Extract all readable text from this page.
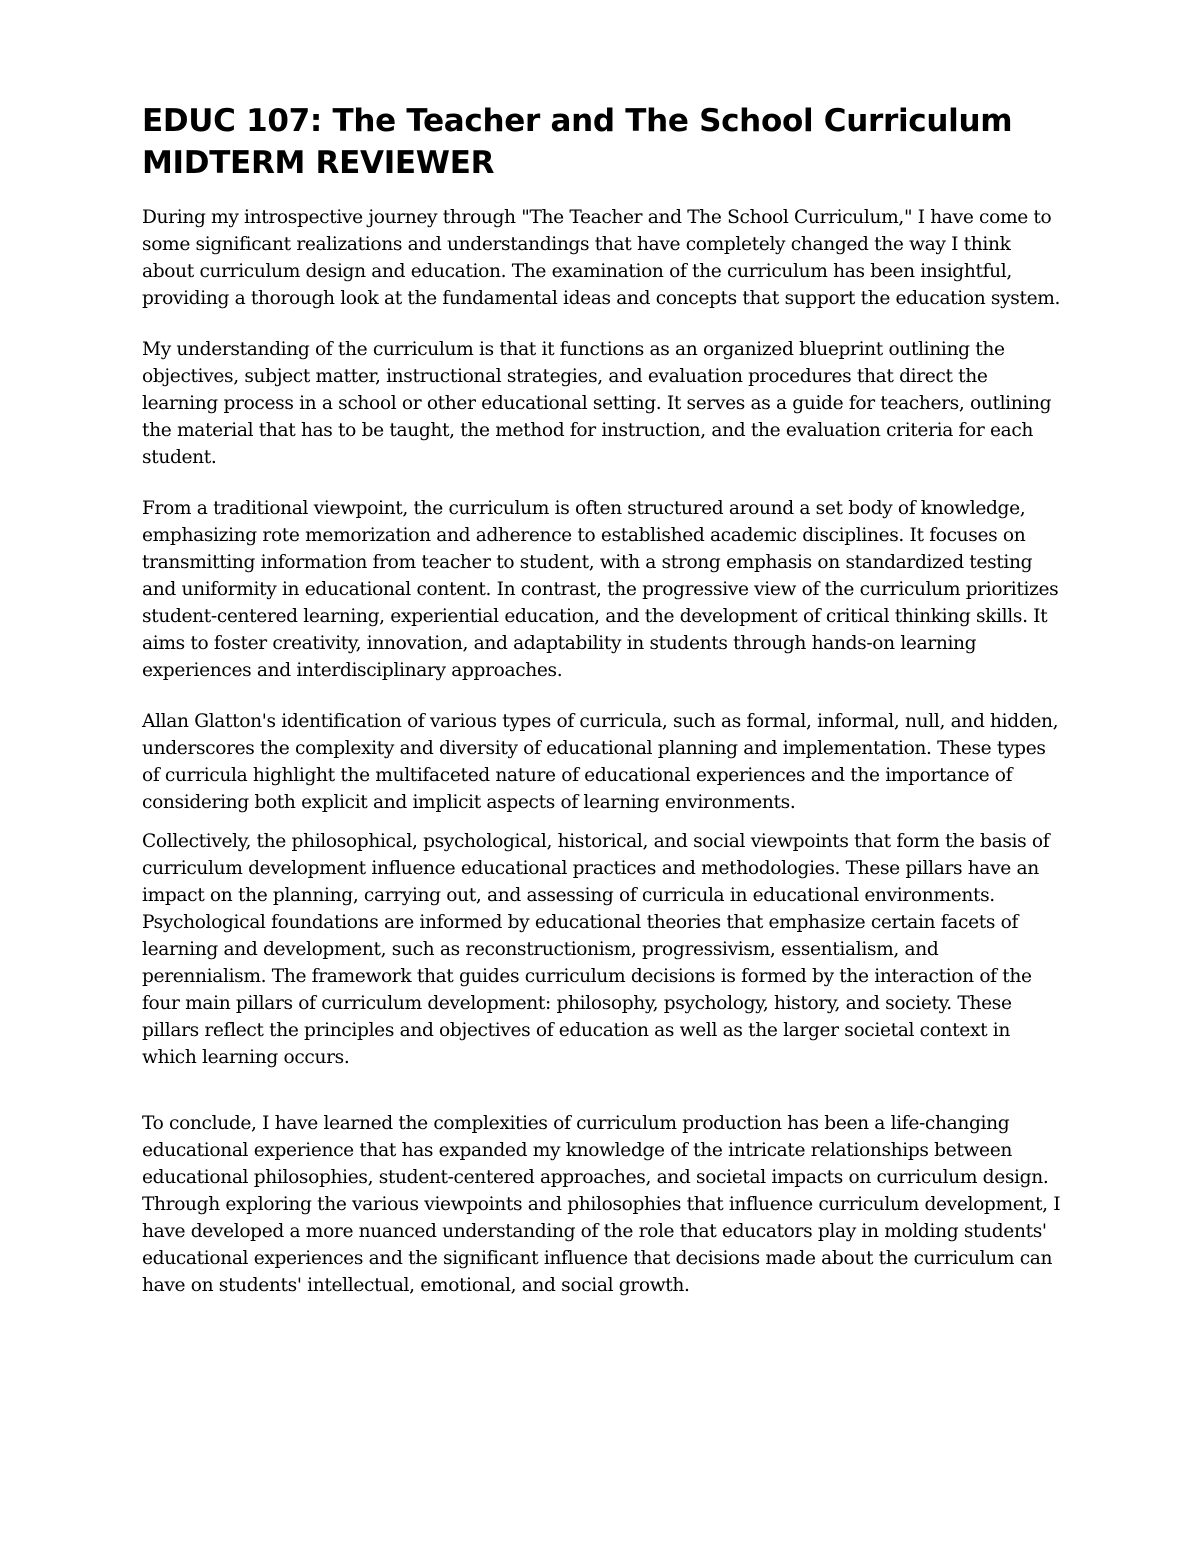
EDUC 107: The Teacher and The School Curriculum
MIDTERM REVIEWER

During my introspective journey through "The Teacher and The School Curriculum," I have come to some significant realizations and understandings that have completely changed the way I think about curriculum design and education. The examination of the curriculum has been insightful, providing a thorough look at the fundamental ideas and concepts that support the education system.

My understanding of the curriculum is that it functions as an organized blueprint outlining the objectives, subject matter, instructional strategies, and evaluation procedures that direct the learning process in a school or other educational setting. It serves as a guide for teachers, outlining the material that has to be taught, the method for instruction, and the evaluation criteria for each student.

From a traditional viewpoint, the curriculum is often structured around a set body of knowledge, emphasizing rote memorization and adherence to established academic disciplines. It focuses on transmitting information from teacher to student, with a strong emphasis on standardized testing and uniformity in educational content. In contrast, the progressive view of the curriculum prioritizes student-centered learning, experiential education, and the development of critical thinking skills. It aims to foster creativity, innovation, and adaptability in students through hands-on learning experiences and interdisciplinary approaches.

Allan Glatton's identification of various types of curricula, such as formal, informal, null, and hidden, underscores the complexity and diversity of educational planning and implementation. These types of curricula highlight the multifaceted nature of educational experiences and the importance of considering both explicit and implicit aspects of learning environments.

Collectively, the philosophical, psychological, historical, and social viewpoints that form the basis of curriculum development influence educational practices and methodologies. These pillars have an impact on the planning, carrying out, and assessing of curricula in educational environments. Psychological foundations are informed by educational theories that emphasize certain facets of learning and development, such as reconstructionism, progressivism, essentialism, and perennialism. The framework that guides curriculum decisions is formed by the interaction of the four main pillars of curriculum development: philosophy, psychology, history, and society. These pillars reflect the principles and objectives of education as well as the larger societal context in which learning occurs.

To conclude, I have learned the complexities of curriculum production has been a life-changing educational experience that has expanded my knowledge of the intricate relationships between educational philosophies, student-centered approaches, and societal impacts on curriculum design. Through exploring the various viewpoints and philosophies that influence curriculum development, I have developed a more nuanced understanding of the role that educators play in molding students' educational experiences and the significant influence that decisions made about the curriculum can have on students' intellectual, emotional, and social growth.
